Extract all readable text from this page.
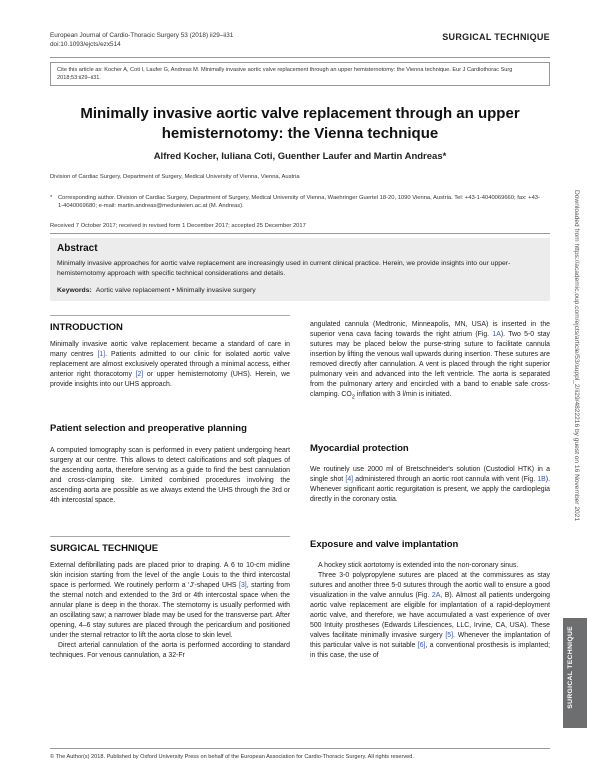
European Journal of Cardio-Thoracic Surgery 53 (2018) ii29–ii31
doi:10.1093/ejcts/ezx514
SURGICAL TECHNIQUE
Cite this article as: Kocher A, Coti I, Laufer G, Andreas M. Minimally invasive aortic valve replacement through an upper hemisternotomy: the Vienna technique. Eur J Cardiothorac Surg 2018;53:ii29–ii31.
Minimally invasive aortic valve replacement through an upper
hemisternotomy: the Vienna technique
Alfred Kocher, Iuliana Coti, Guenther Laufer and Martin Andreas*
Division of Cardiac Surgery, Department of Surgery, Medical University of Vienna, Vienna, Austria
* Corresponding author. Division of Cardiac Surgery, Department of Surgery, Medical University of Vienna, Waehringer Guertel 18-20, 1090 Vienna, Austria. Tel: +43-1-4040069660; fax: +43-1-4040069680; e-mail: martin.andreas@meduniwien.ac.at (M. Andreas).
Received 7 October 2017; received in revised form 1 December 2017; accepted 25 December 2017
Abstract
Minimally invasive approaches for aortic valve replacement are increasingly used in current clinical practice. Herein, we provide insights into our upper-hemisternotomy approach with specific technical considerations and details.
Keywords: Aortic valve replacement • Minimally invasive surgery
INTRODUCTION

Minimally invasive aortic valve replacement became a standard of care in many centres [1]. Patients admitted to our clinic for isolated aortic valve replacement are almost exclusively operated through a minimal access, either anterior right thoracotomy [2] or upper hemisternotomy (UHS). Herein, we provide insights into our UHS approach.

Patient selection and preoperative planning

A computed tomography scan is performed in every patient undergoing heart surgery at our centre. This allows to detect calcifications and soft plaques of the ascending aorta, therefore serving as a guide to find the best cannulation and cross-clamping site. Limited combined procedures involving the ascending aorta are possible as we always extend the UHS through the 3rd or 4th intercostal space.

SURGICAL TECHNIQUE

External defibrillating pads are placed prior to draping. A 6 to 10-cm midline skin incision starting from the level of the angle Louis to the third intercostal space is performed. We routinely perform a ‘J’-shaped UHS [3], starting from the sternal notch and extended to the 3rd or 4th intercostal space when the annular plane is deep in the thorax. The sternotomy is usually performed with an oscillating saw; a narrower blade may be used for the transverse part. After opening, 4–6 stay sutures are placed through the pericardium and positioned under the sternal retractor to lift the aorta close to skin level.

Direct arterial cannulation of the aorta is performed according to standard techniques. For venous cannulation, a 32-Fr

angulated cannula (Medtronic, Minneapolis, MN, USA) is inserted in the superior vena cava facing towards the right atrium (Fig. 1A). Two 5-0 stay sutures may be placed below the purse-string suture to facilitate cannula insertion by lifting the venous wall upwards during insertion. These sutures are removed directly after cannulation. A vent is placed through the right superior pulmonary vein and advanced into the left ventricle. The aorta is separated from the pulmonary artery and encircled with a band to enable safe cross-clamping. $CO_2$ inflation with 3 l/min is initiated.

Myocardial protection

We routinely use 2000 ml of Bretschneider's solution (Custodiol HTK) in a single shot [4] administered through an aortic root cannula with vent (Fig. 1B). Whenever significant aortic regurgitation is present, we apply the cardioplegia directly in the coronary ostia.

Exposure and valve implantation

A hockey stick aortotomy is extended into the non-coronary sinus.

Three 3-0 polypropylene sutures are placed at the commissures as stay sutures and another three 5-0 sutures through the aortic wall to ensure a good visualization in the valve annulus (Fig. 2A, B). Almost all patients undergoing aortic valve replacement are eligible for implantation of a rapid-deployment aortic valve, and therefore, we have accumulated a vast experience of over 500 Intuity prostheses (Edwards Lifesciences, LLC, Irvine, CA, USA). These valves facilitate minimally invasive surgery [5]. Whenever the implantation of this particular valve is not suitable [6], a conventional prosthesis is implanted; in this case, the use of

Downloaded from https://academic.oup.com/ejcts/article/53/suppl_2/ii29/4822216 by guest on 16 November 2021
SURGICAL TECHNIQUE
© The Author(s) 2018. Published by Oxford University Press on behalf of the European Association for Cardio-Thoracic Surgery. All rights reserved.
